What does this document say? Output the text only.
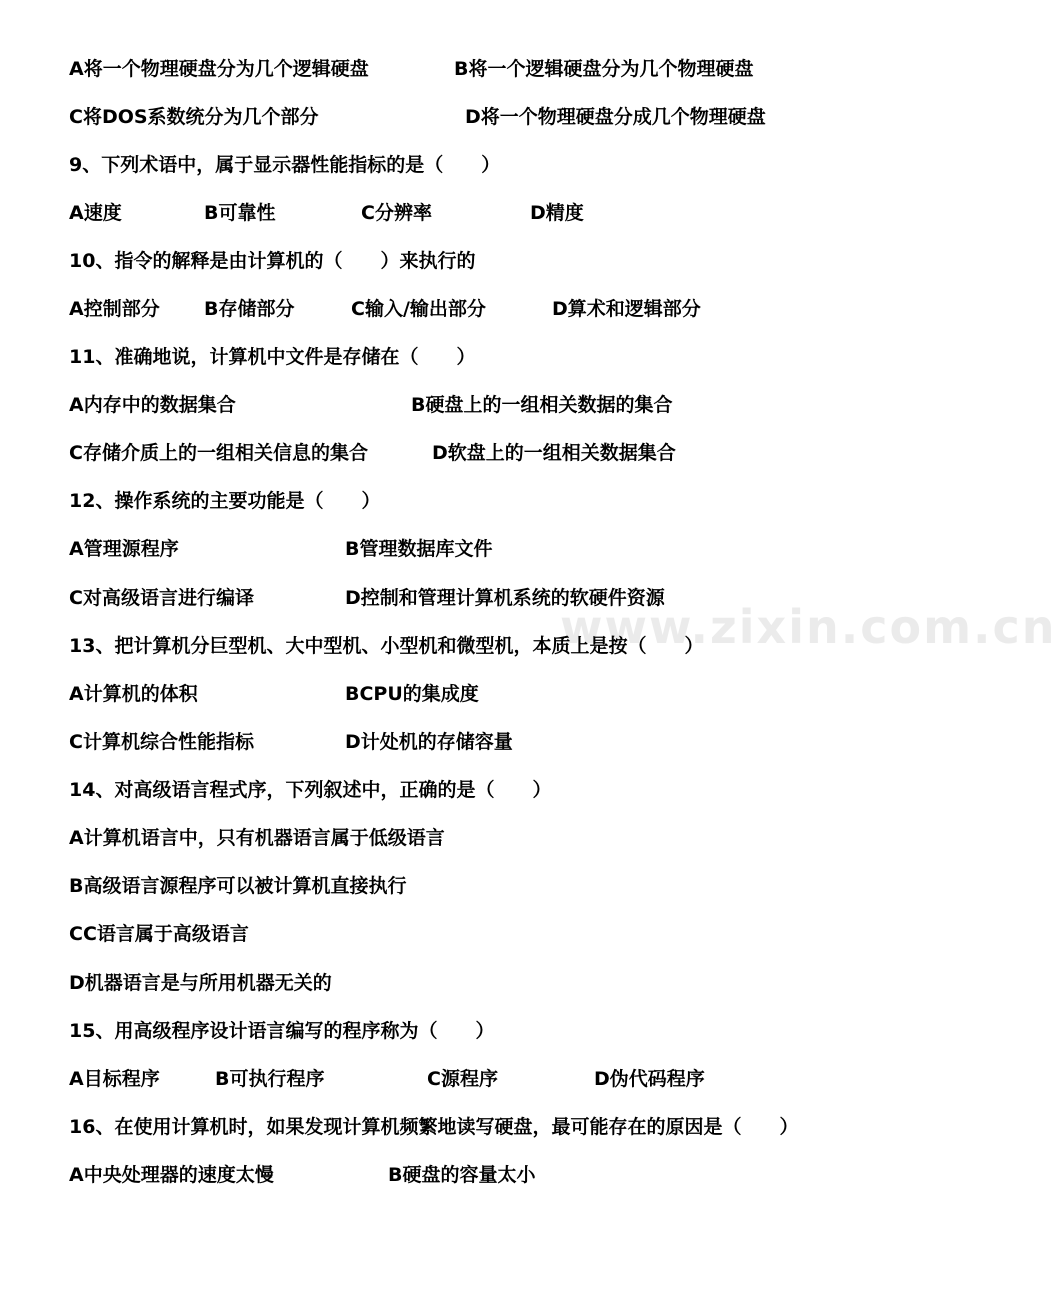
www.zixin.com.cn
A将一个物理硬盘分为几个逻辑硬盘	B将一个逻辑硬盘分为几个物理硬盘
C将DOS系数统分为几个部分	D将一个物理硬盘分成几个物理硬盘
9、下列术语中，属于显示器性能指标的是（　　）
A速度	B可靠性	C分辨率	D精度
10、指令的解释是由计算机的（　　）来执行的
A控制部分 B存储部分	C输入/输出部分	D算术和逻辑部分
11、准确地说，计算机中文件是存储在（　　）
A内存中的数据集合	B硬盘上的一组相关数据的集合
C存储介质上的一组相关信息的集合	D软盘上的一组相关数据集合
12、操作系统的主要功能是（　　）
A管理源程序	B管理数据库文件
C对高级语言进行编译	D控制和管理计算机系统的软硬件资源
13、把计算机分巨型机、大中型机、小型机和微型机，本质上是按（　　）
A计算机的体积	BCPU的集成度
C计算机综合性能指标	D计处机的存储容量
14、对高级语言程式序，下列叙述中，正确的是（　　）
A计算机语言中，只有机器语言属于低级语言
B高级语言源程序可以被计算机直接执行
CC语言属于高级语言
D机器语言是与所用机器无关的
15、用高级程序设计语言编写的程序称为（　　）
A目标程序	B可执行程序	C源程序	D伪代码程序
16、在使用计算机时，如果发现计算机频繁地读写硬盘，最可能存在的原因是（　　）
A中央处理器的速度太慢	B硬盘的容量太小
